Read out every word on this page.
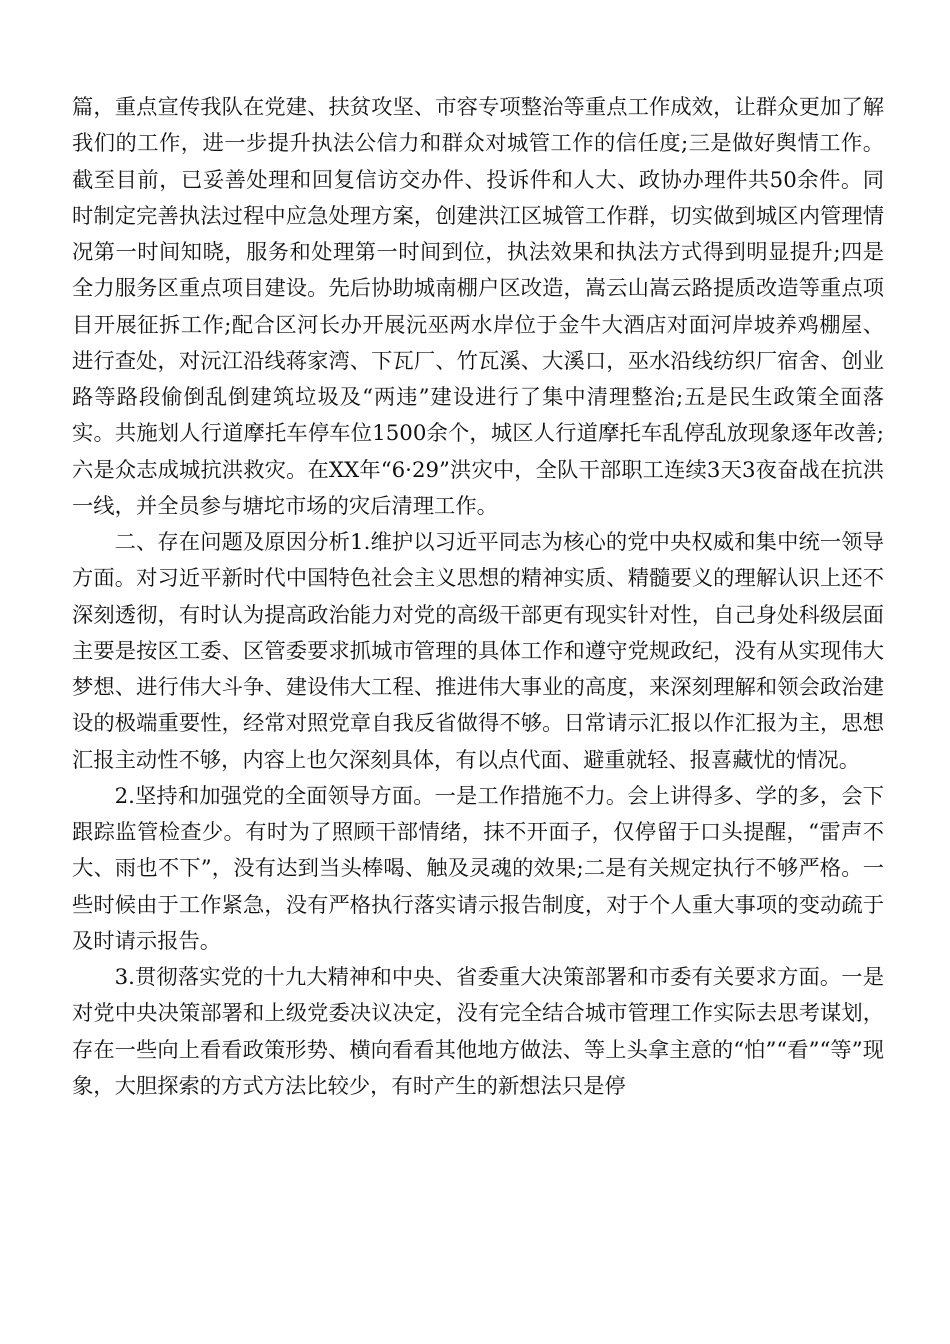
篇，重点宣传我队在党建、扶贫攻坚、市容专项整治等重点工作成效，让群众更加了解我们的工作，进一步提升执法公信力和群众对城管工作的信任度;三是做好舆情工作。截至目前，已妥善处理和回复信访交办件、投诉件和人大、政协办理件共50余件。同时制定完善执法过程中应急处理方案，创建洪江区城管工作群，切实做到城区内管理情况第一时间知晓，服务和处理第一时间到位，执法效果和执法方式得到明显提升;四是全力服务区重点项目建设。先后协助城南棚户区改造，嵩云山嵩云路提质改造等重点项目开展征拆工作;配合区河长办开展沅巫两水岸位于金牛大酒店对面河岸坡养鸡棚屋、进行查处，对沅江沿线蒋家湾、下瓦厂、竹瓦溪、大溪口，巫水沿线纺织厂宿舍、创业路等路段偷倒乱倒建筑垃圾及“两违”建设进行了集中清理整治;五是民生政策全面落实。共施划人行道摩托车停车位1500余个，城区人行道摩托车乱停乱放现象逐年改善;六是众志成城抗洪救灾。在XX年“6·29”洪灾中，全队干部职工连续3天3夜奋战在抗洪一线，并全员参与塘坨市场的灾后清理工作。

二、存在问题及原因分析1.维护以习近平同志为核心的党中央权威和集中统一领导方面。对习近平新时代中国特色社会主义思想的精神实质、精髓要义的理解认识上还不深刻透彻，有时认为提高政治能力对党的高级干部更有现实针对性，自己身处科级层面主要是按区工委、区管委要求抓城市管理的具体工作和遵守党规政纪，没有从实现伟大梦想、进行伟大斗争、建设伟大工程、推进伟大事业的高度，来深刻理解和领会政治建设的极端重要性，经常对照党章自我反省做得不够。日常请示汇报以作汇报为主，思想汇报主动性不够，内容上也欠深刻具体，有以点代面、避重就轻、报喜藏忧的情况。

2.坚持和加强党的全面领导方面。一是工作措施不力。会上讲得多、学的多，会下跟踪监管检查少。有时为了照顾干部情绪，抹不开面子，仅停留于口头提醒，“雷声不大、雨也不下”，没有达到当头棒喝、触及灵魂的效果;二是有关规定执行不够严格。一些时候由于工作紧急，没有严格执行落实请示报告制度，对于个人重大事项的变动疏于及时请示报告。

3.贯彻落实党的十九大精神和中央、省委重大决策部署和市委有关要求方面。一是对党中央决策部署和上级党委决议决定，没有完全结合城市管理工作实际去思考谋划，存在一些向上看看政策形势、横向看看其他地方做法、等上头拿主意的“怕”“看”“等”现象，大胆探索的方式方法比较少，有时产生的新想法只是停
